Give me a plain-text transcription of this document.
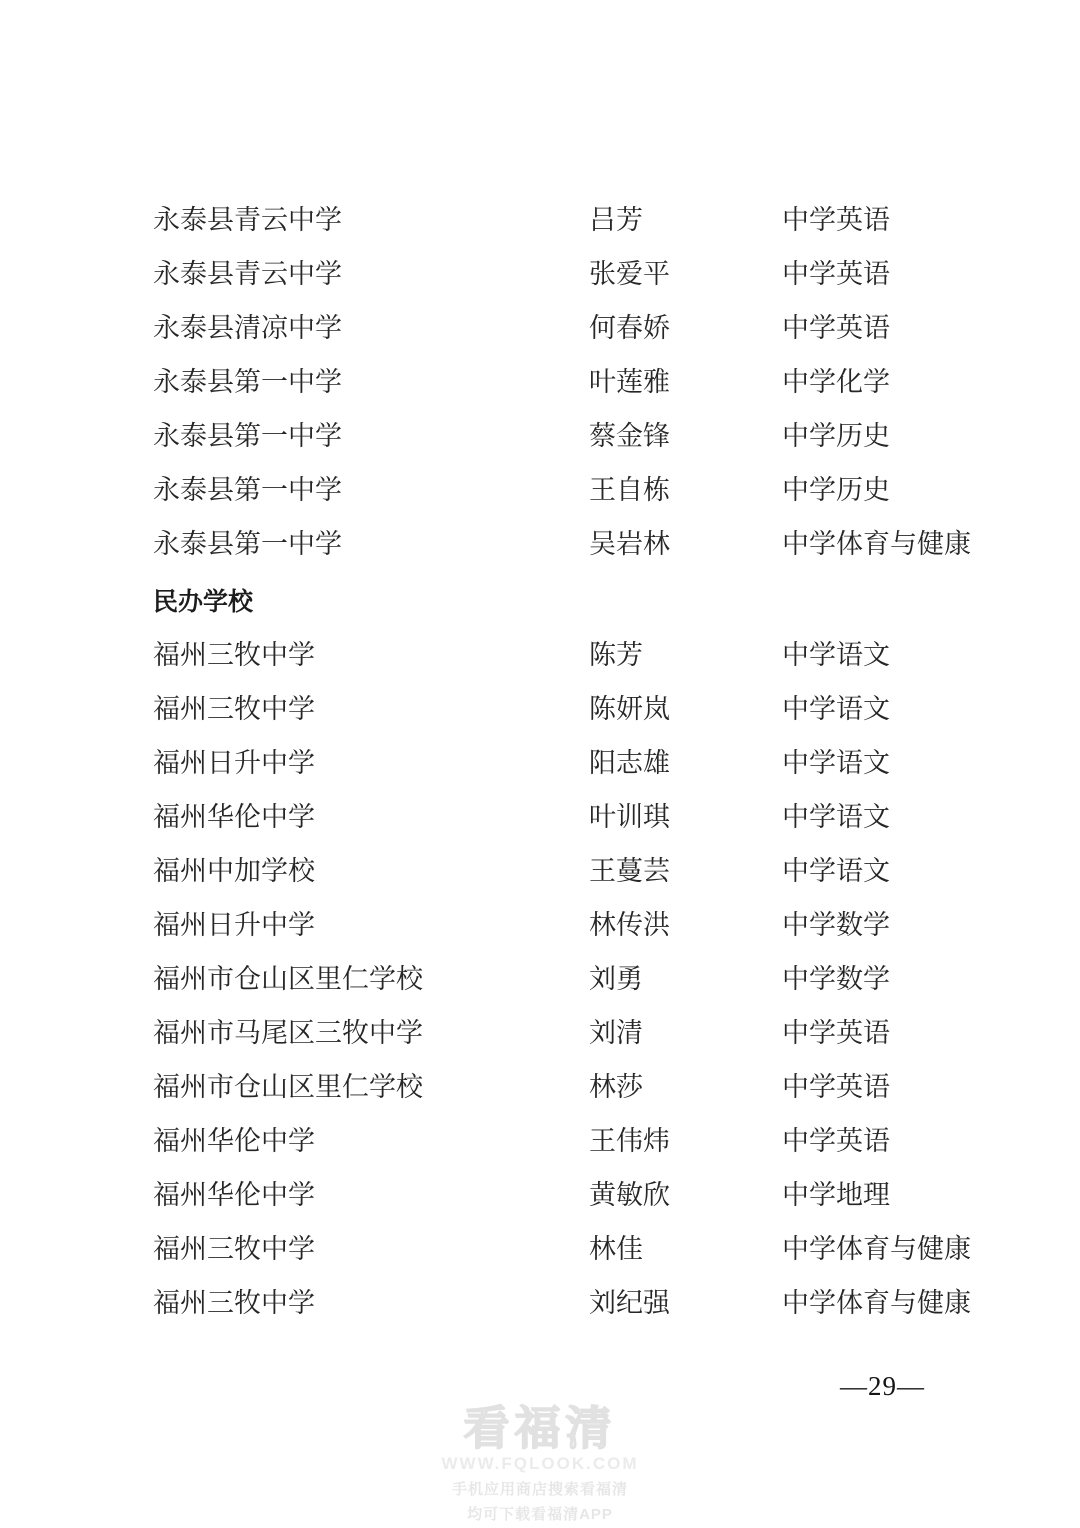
永泰县青云中学	吕芳	中学英语
永泰县青云中学	张爱平	中学英语
永泰县清凉中学	何春娇	中学英语
永泰县第一中学	叶莲雅	中学化学
永泰县第一中学	蔡金锋	中学历史
永泰县第一中学	王自栋	中学历史
永泰县第一中学	吴岩林	中学体育与健康
民办学校
福州三牧中学	陈芳	中学语文
福州三牧中学	陈妍岚	中学语文
福州日升中学	阳志雄	中学语文
福州华伦中学	叶训琪	中学语文
福州中加学校	王蔓芸	中学语文
福州日升中学	林传洪	中学数学
福州市仓山区里仁学校	刘勇	中学数学
福州市马尾区三牧中学	刘清	中学英语
福州市仓山区里仁学校	林莎	中学英语
福州华伦中学	王伟炜	中学英语
福州华伦中学	黄敏欣	中学地理
福州三牧中学	林佳	中学体育与健康
福州三牧中学	刘纪强	中学体育与健康
—29—
看福清
WWW.FQLOOK.COM
手机应用商店搜索看福清
均可下载看福清APP
